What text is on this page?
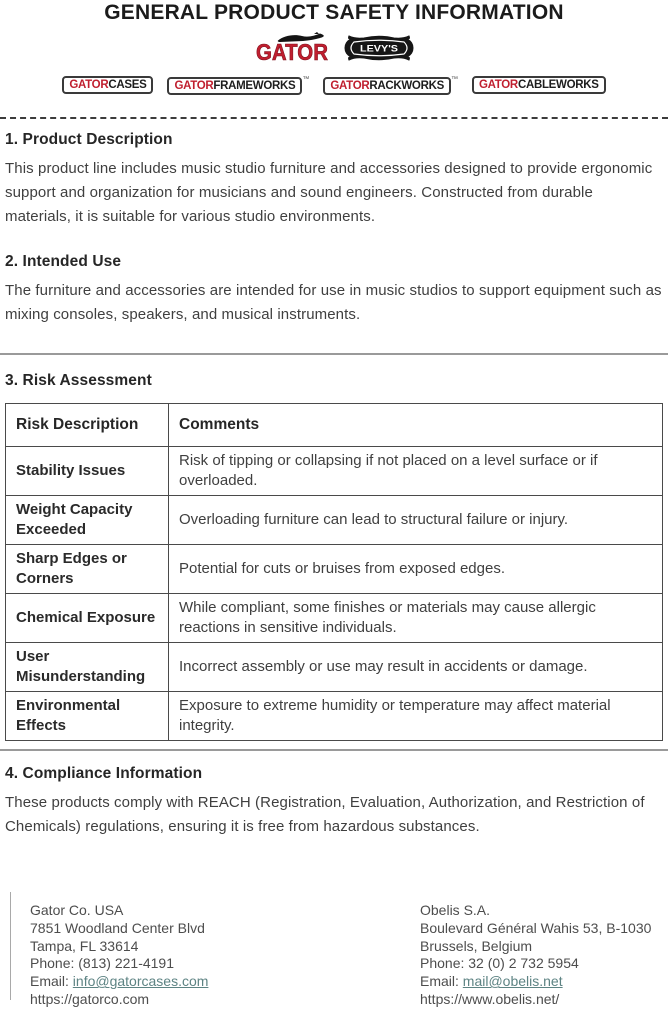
GENERAL PRODUCT SAFETY INFORMATION
GATOR	LEVY'S
GATORCASES	GATORFRAMEWORKS™
GATORRACKWORKS™	GATORCABLEWORKS
1. Product Description
This product line includes music studio furniture and accessories designed to provide ergonomic support and organization for musicians and sound engineers. Constructed from durable materials, it is suitable for various studio environments.
2. Intended Use
The furniture and accessories are intended for use in music studios to support equipment such as mixing consoles, speakers, and musical instruments.
3. Risk Assessment
Risk Description	Comments
Stability Issues	Risk of tipping or collapsing if not placed on a level surface or if overloaded.
Weight Capacity Exceeded	Overloading furniture can lead to structural failure or injury.
Sharp Edges or Corners	Potential for cuts or bruises from exposed edges.
Chemical Exposure	While compliant, some finishes or materials may cause allergic reactions in sensitive individuals.
User Misunderstanding	Incorrect assembly or use may result in accidents or damage.
Environmental Effects	Exposure to extreme humidity or temperature may affect material integrity.
4. Compliance Information
These products comply with REACH (Registration, Evaluation, Authorization, and Restriction of Chemicals) regulations, ensuring it is free from hazardous substances.
Gator Co. USA
7851 Woodland Center Blvd
Tampa, FL 33614
Phone: (813) 221-4191
Email: info@gatorcases.com
https://gatorco.com
Obelis S.A.
Boulevard Général Wahis 53, B-1030
Brussels, Belgium
Phone: 32 (0) 2 732 5954
Email: mail@obelis.net
https://www.obelis.net/
